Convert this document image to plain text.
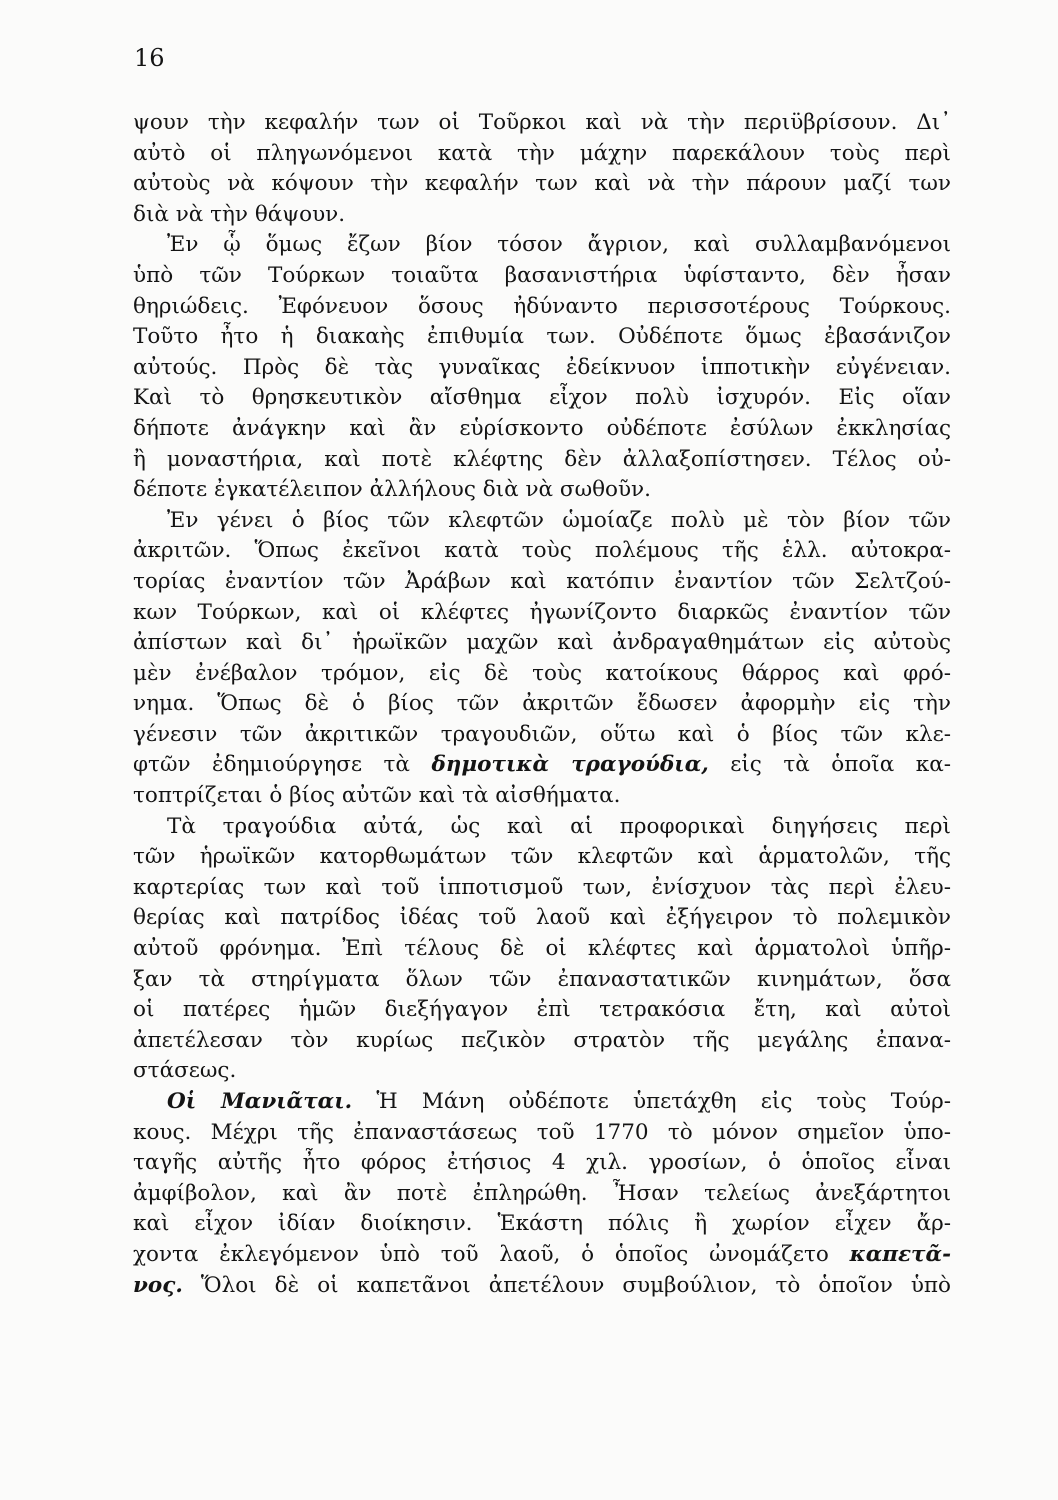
16
ψουν τὴν κεφαλήν των οἱ Τοῦρκοι καὶ νὰ τὴν περιϋβρίσουν. Δι᾿
αὐτὸ οἱ πληγωνόμενοι κατὰ τὴν μάχην παρεκάλουν τοὺς περὶ
αὐτοὺς νὰ κόψουν τὴν κεφαλήν των καὶ νὰ τὴν πάρουν μαζί των
διὰ νὰ τὴν θάψουν.
Ἐν ᾧ ὅμως ἔζων βίον τόσον ἄγριον, καὶ συλλαμβανόμενοι
ὑπὸ τῶν Τούρκων τοιαῦτα βασανιστήρια ὑφίσταντο, δὲν ἦσαν
θηριώδεις. Ἐφόνευον ὅσους ἠδύναντο περισσοτέρους Τούρκους.
Τοῦτο ἦτο ἡ διακαὴς ἐπιθυμία των. Οὐδέποτε ὅμως ἐβασάνιζον
αὐτούς. Πρὸς δὲ τὰς γυναῖκας ἐδείκνυον ἱπποτικὴν εὐγένειαν.
Καὶ τὸ θρησκευτικὸν αἴσθημα εἶχον πολὺ ἰσχυρόν. Εἰς οἵαν
δήποτε ἀνάγκην καὶ ἂν εὑρίσκοντο οὐδέποτε ἐσύλων ἐκκλησίας
ἢ μοναστήρια, καὶ ποτὲ κλέφτης δὲν ἀλλαξοπίστησεν. Τέλος οὐ-
δέποτε ἐγκατέλειπον ἀλλήλους διὰ νὰ σωθοῦν.
Ἐν γένει ὁ βίος τῶν κλεφτῶν ὡμοίαζε πολὺ μὲ τὸν βίον τῶν
ἀκριτῶν. Ὅπως ἐκεῖνοι κατὰ τοὺς πολέμους τῆς ἑλλ. αὐτοκρα-
τορίας ἐναντίον τῶν Ἀράβων καὶ κατόπιν ἐναντίον τῶν Σελτζού-
κων Τούρκων, καὶ οἱ κλέφτες ἠγωνίζοντο διαρκῶς ἐναντίον τῶν
ἀπίστων καὶ δι᾿ ἡρωϊκῶν μαχῶν καὶ ἀνδραγαθημάτων εἰς αὐτοὺς
μὲν ἐνέβαλον τρόμον, εἰς δὲ τοὺς κατοίκους θάρρος καὶ φρό-
νημα. Ὅπως δὲ ὁ βίος τῶν ἀκριτῶν ἔδωσεν ἀφορμὴν εἰς τὴν
γένεσιν τῶν ἀκριτικῶν τραγουδιῶν, οὕτω καὶ ὁ βίος τῶν κλε-
φτῶν ἐδημιούργησε τὰ δημοτικὰ τραγούδια, εἰς τὰ ὁποῖα κα-
τοπτρίζεται ὁ βίος αὐτῶν καὶ τὰ αἰσθήματα.
Τὰ τραγούδια αὐτά, ὡς καὶ αἱ προφορικαὶ διηγήσεις περὶ
τῶν ἡρωϊκῶν κατορθωμάτων τῶν κλεφτῶν καὶ ἁρματολῶν, τῆς
καρτερίας των καὶ τοῦ ἱπποτισμοῦ των, ἐνίσχυον τὰς περὶ ἐλευ-
θερίας καὶ πατρίδος ἰδέας τοῦ λαοῦ καὶ ἐξήγειρον τὸ πολεμικὸν
αὐτοῦ φρόνημα. Ἐπὶ τέλους δὲ οἱ κλέφτες καὶ ἁρματολοὶ ὑπῆρ-
ξαν τὰ στηρίγματα ὅλων τῶν ἐπαναστατικῶν κινημάτων, ὅσα
οἱ πατέρες ἡμῶν διεξήγαγον ἐπὶ τετρακόσια ἔτη, καὶ αὐτοὶ
ἀπετέλεσαν τὸν κυρίως πεζικὸν στρατὸν τῆς μεγάλης ἐπανα-
στάσεως.
Οἱ Μανιᾶται. Ἡ Μάνη οὐδέποτε ὑπετάχθη εἰς τοὺς Τούρ-
κους. Μέχρι τῆς ἐπαναστάσεως τοῦ 1770 τὸ μόνον σημεῖον ὑπο-
ταγῆς αὐτῆς ἦτο φόρος ἐτήσιος 4 χιλ. γροσίων, ὁ ὁποῖος εἶναι
ἀμφίβολον, καὶ ἂν ποτὲ ἐπληρώθη. Ἦσαν τελείως ἀνεξάρτητοι
καὶ εἶχον ἰδίαν διοίκησιν. Ἑκάστη πόλις ἢ χωρίον εἶχεν ἄρ-
χοντα ἐκλεγόμενον ὑπὸ τοῦ λαοῦ, ὁ ὁποῖος ὠνομάζετο καπετᾶ-
νος. Ὅλοι δὲ οἱ καπετᾶνοι ἀπετέλουν συμβούλιον, τὸ ὁποῖον ὑπὸ
